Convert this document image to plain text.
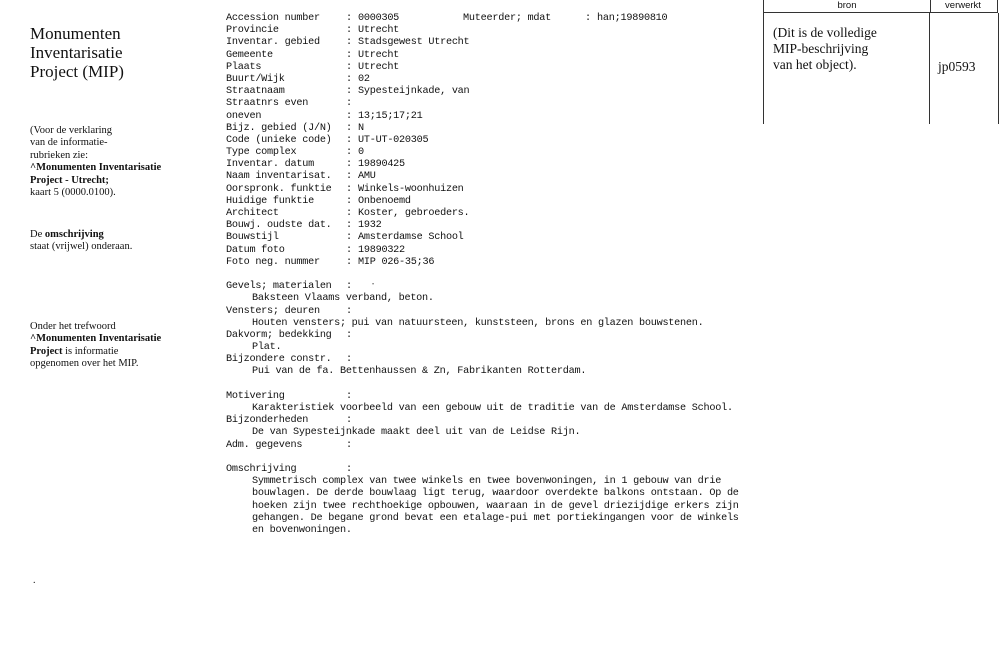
Monumenten
Inventarisatie
Project (MIP)
(Voor de verklaring
van de informatie-
rubrieken zie:
^Monumenten Inventarisatie
Project - Utrecht;
kaart 5 (0000.0100).
De omschrijving
staat (vrijwel) onderaan.
Onder het trefwoord
^Monumenten Inventarisatie
Project is informatie
opgenomen over het MIP.
.
Accession number	: 0000305	Muteerder; mdat	: han;19890810
Provincie	: Utrecht
Inventar. gebied	: Stadsgewest Utrecht
Gemeente	: Utrecht
Plaats	: Utrecht
Buurt/Wijk	: 02
Straatnaam	: Sypesteijnkade, van
Straatnrs even	:
oneven	: 13;15;17;21
Bijz. gebied (J/N) : N
Code (unieke code) : UT-UT-020305
Type complex	: 0
Inventar. datum	: 19890425
Naam inventarisat. : AMU
Oorspronk. funktie : Winkels-woonhuizen
Huidige funktie	: Onbenoemd
Architect	: Koster, gebroeders.
Bouwj. oudste dat. : 1932
Bouwstijl	: Amsterdamse School
Datum foto	: 19890322
Foto neg. nummer	: MIP 026-35;36
Gevels; materialen :
Baksteen Vlaams verband, beton.
Vensters; deuren	:
Houten vensters; pui van natuursteen, kunststeen, brons en glazen bouwstenen.
Dakvorm; bedekking :
Plat.
Bijzondere constr. :
Pui van de fa. Bettenhaussen & Zn, Fabrikanten Rotterdam.
Motivering	:
Karakteristiek voorbeeld van een gebouw uit de traditie van de Amsterdamse School.
Bijzonderheden	:
De van Sypesteijnkade maakt deel uit van de Leidse Rijn.
Adm. gegevens	:
Omschrijving	:
Symmetrisch complex van twee winkels en twee bovenwoningen, in 1 gebouw van drie bouwlagen. De derde bouwlaag ligt terug, waardoor overdekte balkons ontstaan. Op de hoeken zijn twee rechthoekige opbouwen, waaraan in de gevel driezijdige erkers zijn gehangen. De begane grond bevat een etalage-pui met portiekingangen voor de winkels en bovenwoningen.
•
bron	verwerkt
(Dit is de volledige
MIP-beschrijving
van het object).	jp0593
